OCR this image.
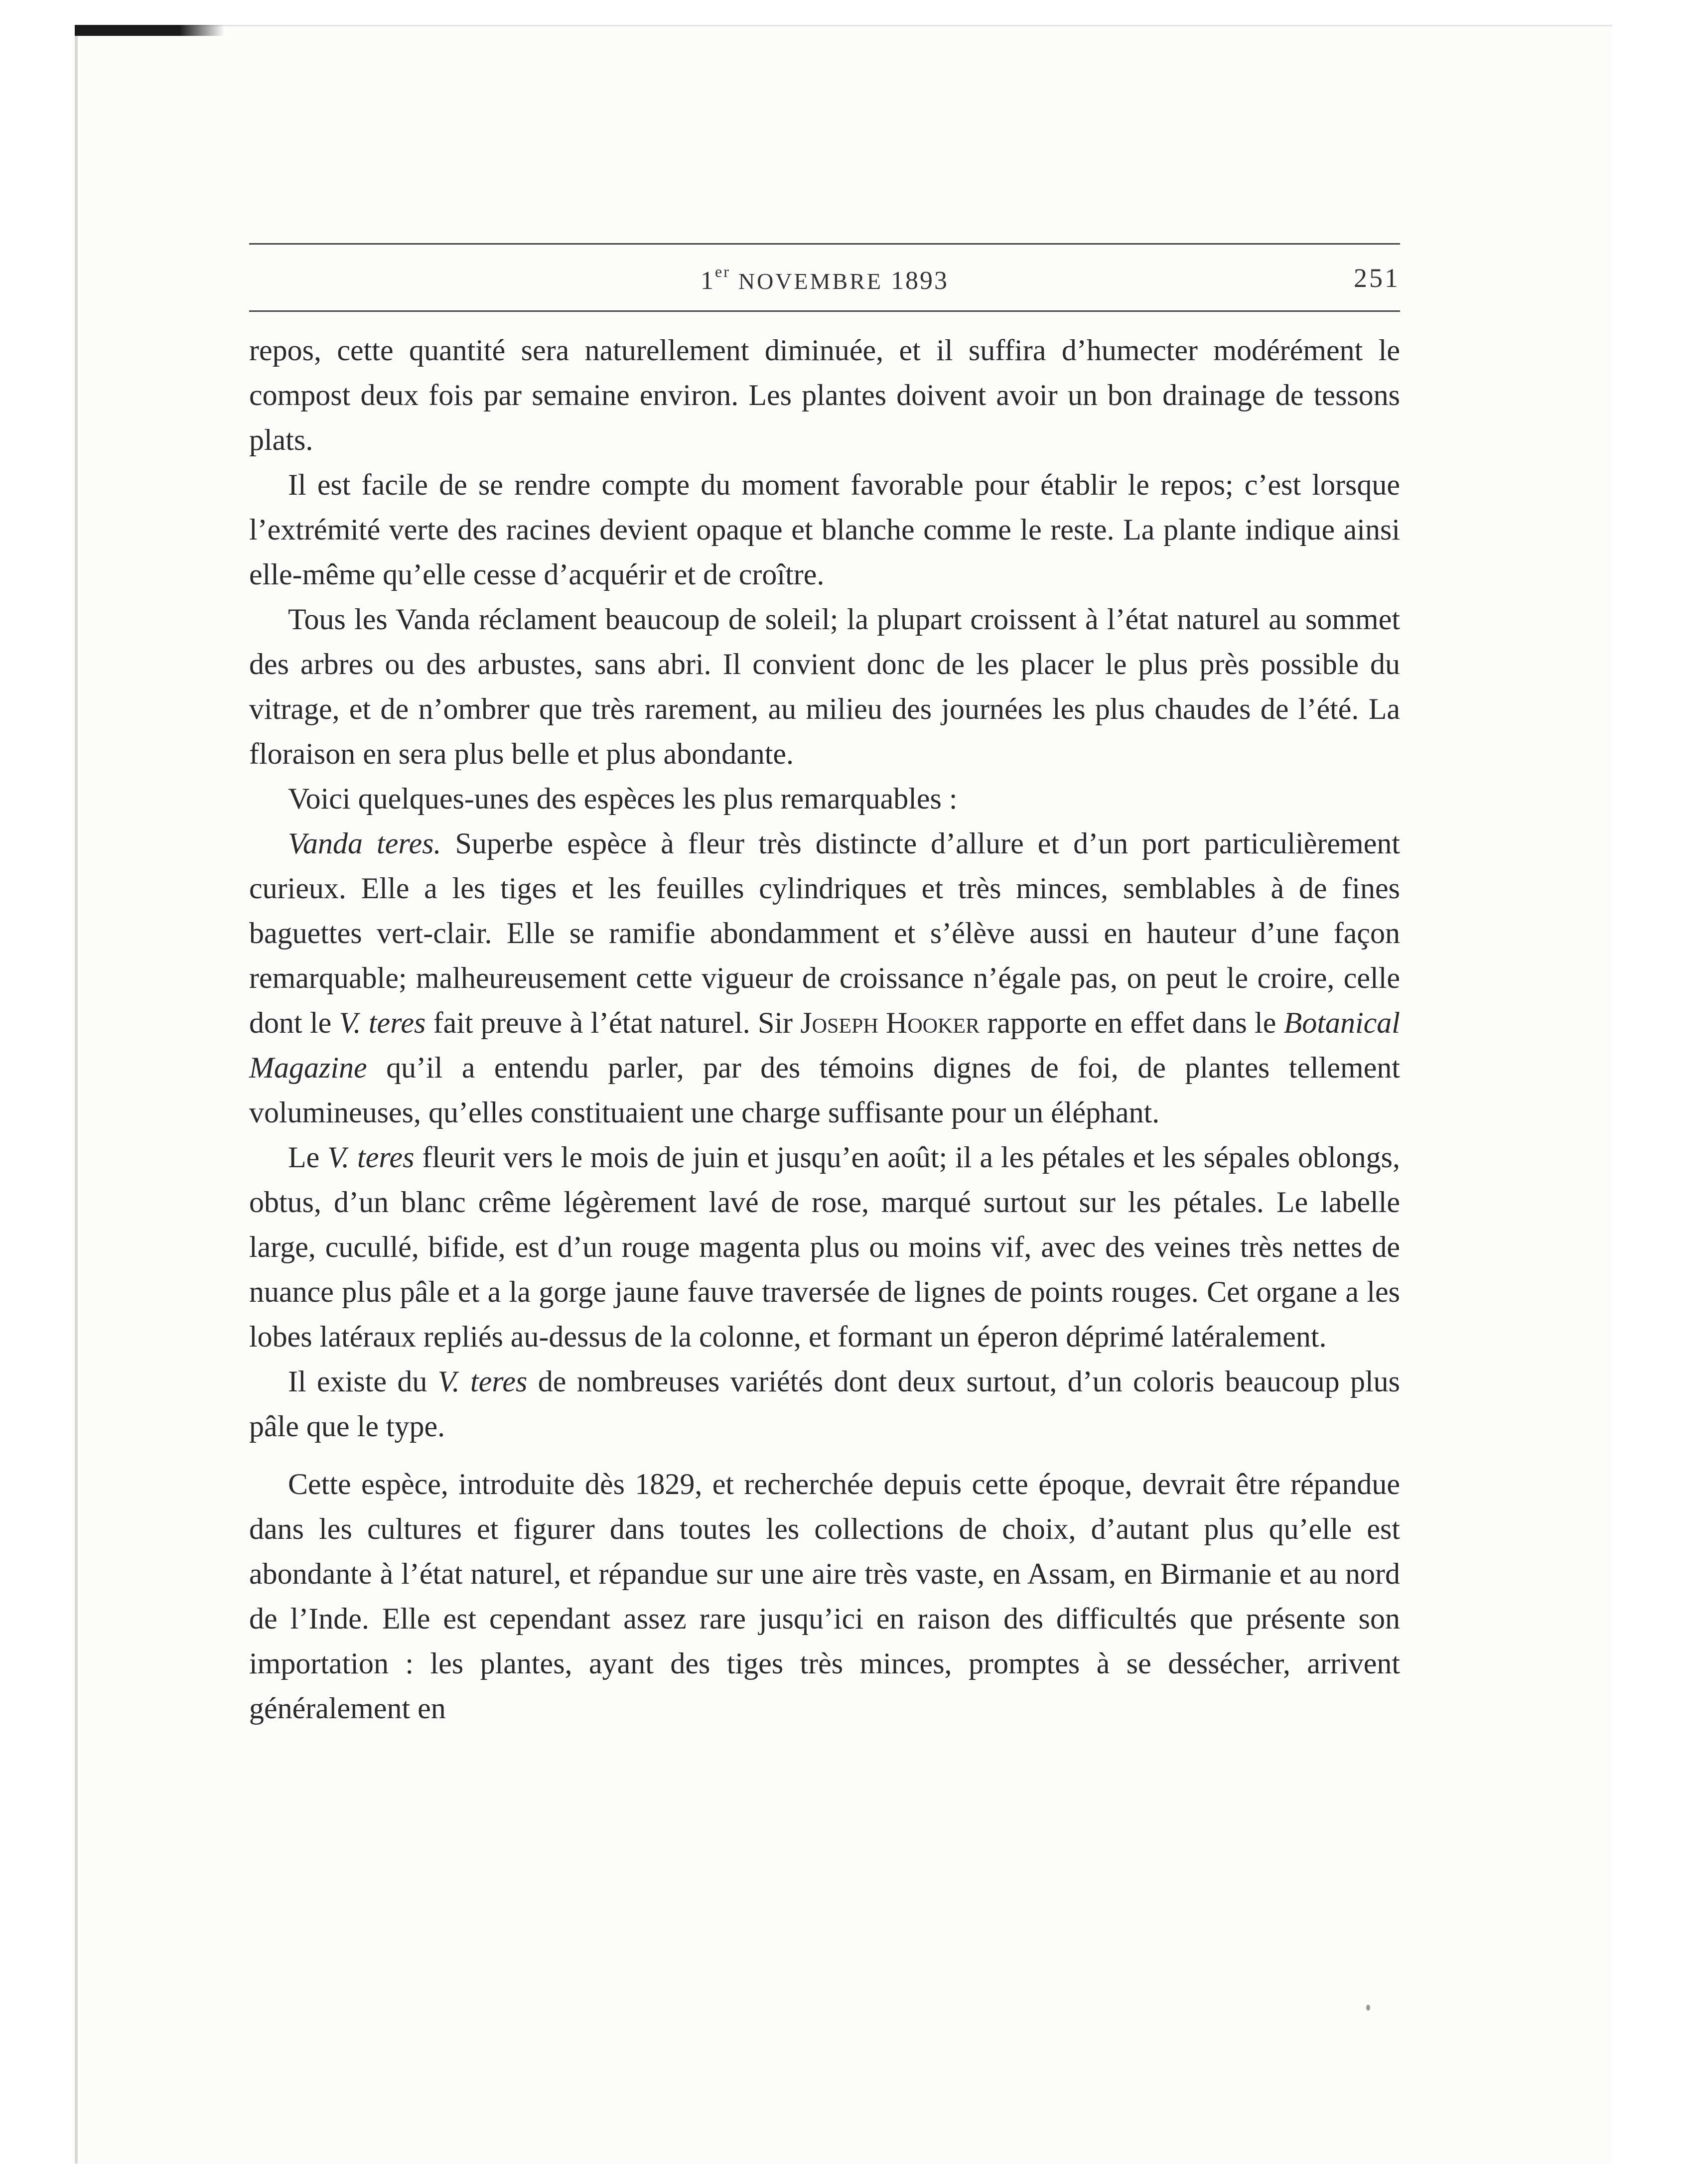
1er NOVEMBRE 1893	251

repos, cette quantité sera naturellement diminuée, et il suffira d’humecter modérément le compost deux fois par semaine environ. Les plantes doivent avoir un bon drainage de tessons plats.

Il est facile de se rendre compte du moment favorable pour établir le repos; c’est lorsque l’extrémité verte des racines devient opaque et blanche comme le reste. La plante indique ainsi elle-même qu’elle cesse d’acquérir et de croître.

Tous les Vanda réclament beaucoup de soleil; la plupart croissent à l’état naturel au sommet des arbres ou des arbustes, sans abri. Il convient donc de les placer le plus près possible du vitrage, et de n’ombrer que très rarement, au milieu des journées les plus chaudes de l’été. La floraison en sera plus belle et plus abondante.

Voici quelques-unes des espèces les plus remarquables :

Vanda teres. Superbe espèce à fleur très distincte d’allure et d’un port particulièrement curieux. Elle a les tiges et les feuilles cylindriques et très minces, semblables à de fines baguettes vert-clair. Elle se ramifie abondamment et s’élève aussi en hauteur d’une façon remarquable; malheureusement cette vigueur de croissance n’égale pas, on peut le croire, celle dont le V. teres fait preuve à l’état naturel. Sir Joseph Hooker rapporte en effet dans le Botanical Magazine qu’il a entendu parler, par des témoins dignes de foi, de plantes tellement volumineuses, qu’elles constituaient une charge suffisante pour un éléphant.

Le V. teres fleurit vers le mois de juin et jusqu’en août; il a les pétales et les sépales oblongs, obtus, d’un blanc crême légèrement lavé de rose, marqué surtout sur les pétales. Le labelle large, cucullé, bifide, est d’un rouge magenta plus ou moins vif, avec des veines très nettes de nuance plus pâle et a la gorge jaune fauve traversée de lignes de points rouges. Cet organe a les lobes latéraux repliés au-dessus de la colonne, et formant un éperon déprimé latéralement.

Il existe du V. teres de nombreuses variétés dont deux surtout, d’un coloris beaucoup plus pâle que le type.

Cette espèce, introduite dès 1829, et recherchée depuis cette époque, devrait être répandue dans les cultures et figurer dans toutes les collections de choix, d’autant plus qu’elle est abondante à l’état naturel, et répandue sur une aire très vaste, en Assam, en Birmanie et au nord de l’Inde. Elle est cependant assez rare jusqu’ici en raison des difficultés que présente son importation : les plantes, ayant des tiges très minces, promptes à se dessécher, arrivent généralement en
